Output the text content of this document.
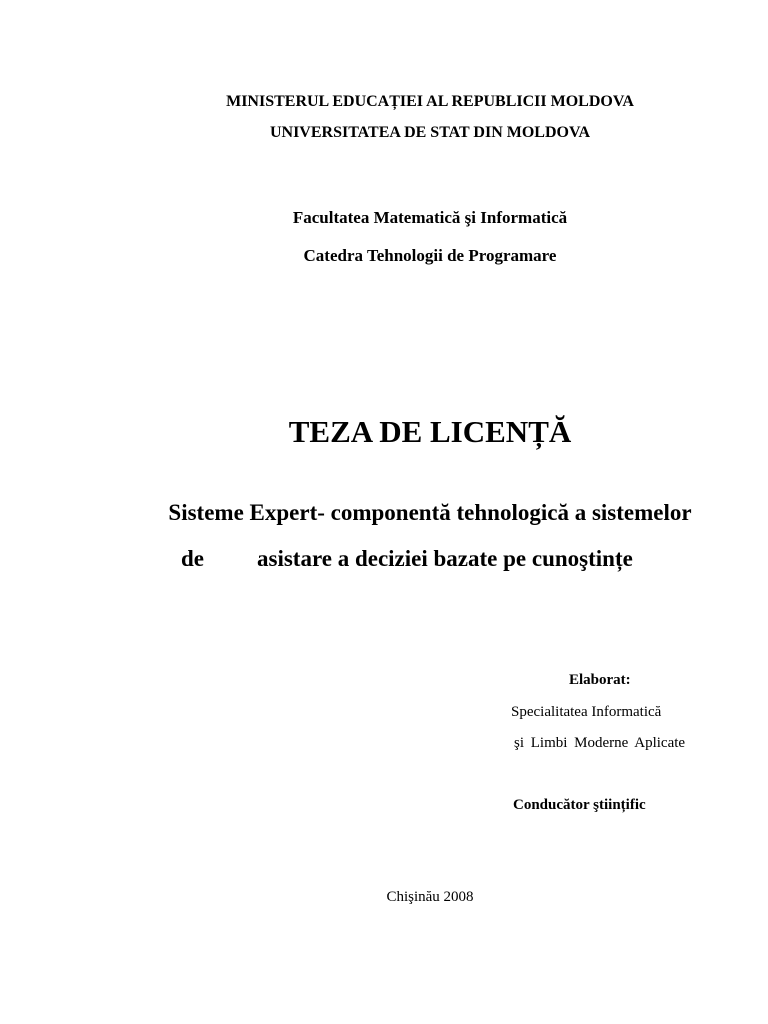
MINISTERUL EDUCAȚIEI AL REPUBLICII MOLDOVA
UNIVERSITATEA DE STAT DIN MOLDOVA
Facultatea Matematică şi Informatică
Catedra Tehnologii de Programare
TEZA DE LICENȚĂ
Sisteme Expert- componentă tehnologică a sistemelor
de asistare a deciziei bazate pe cunoştințe
Elaborat:
Specialitatea Informatică
şi Limbi Moderne Aplicate
Conducător ştiințific
Chişinău 2008
